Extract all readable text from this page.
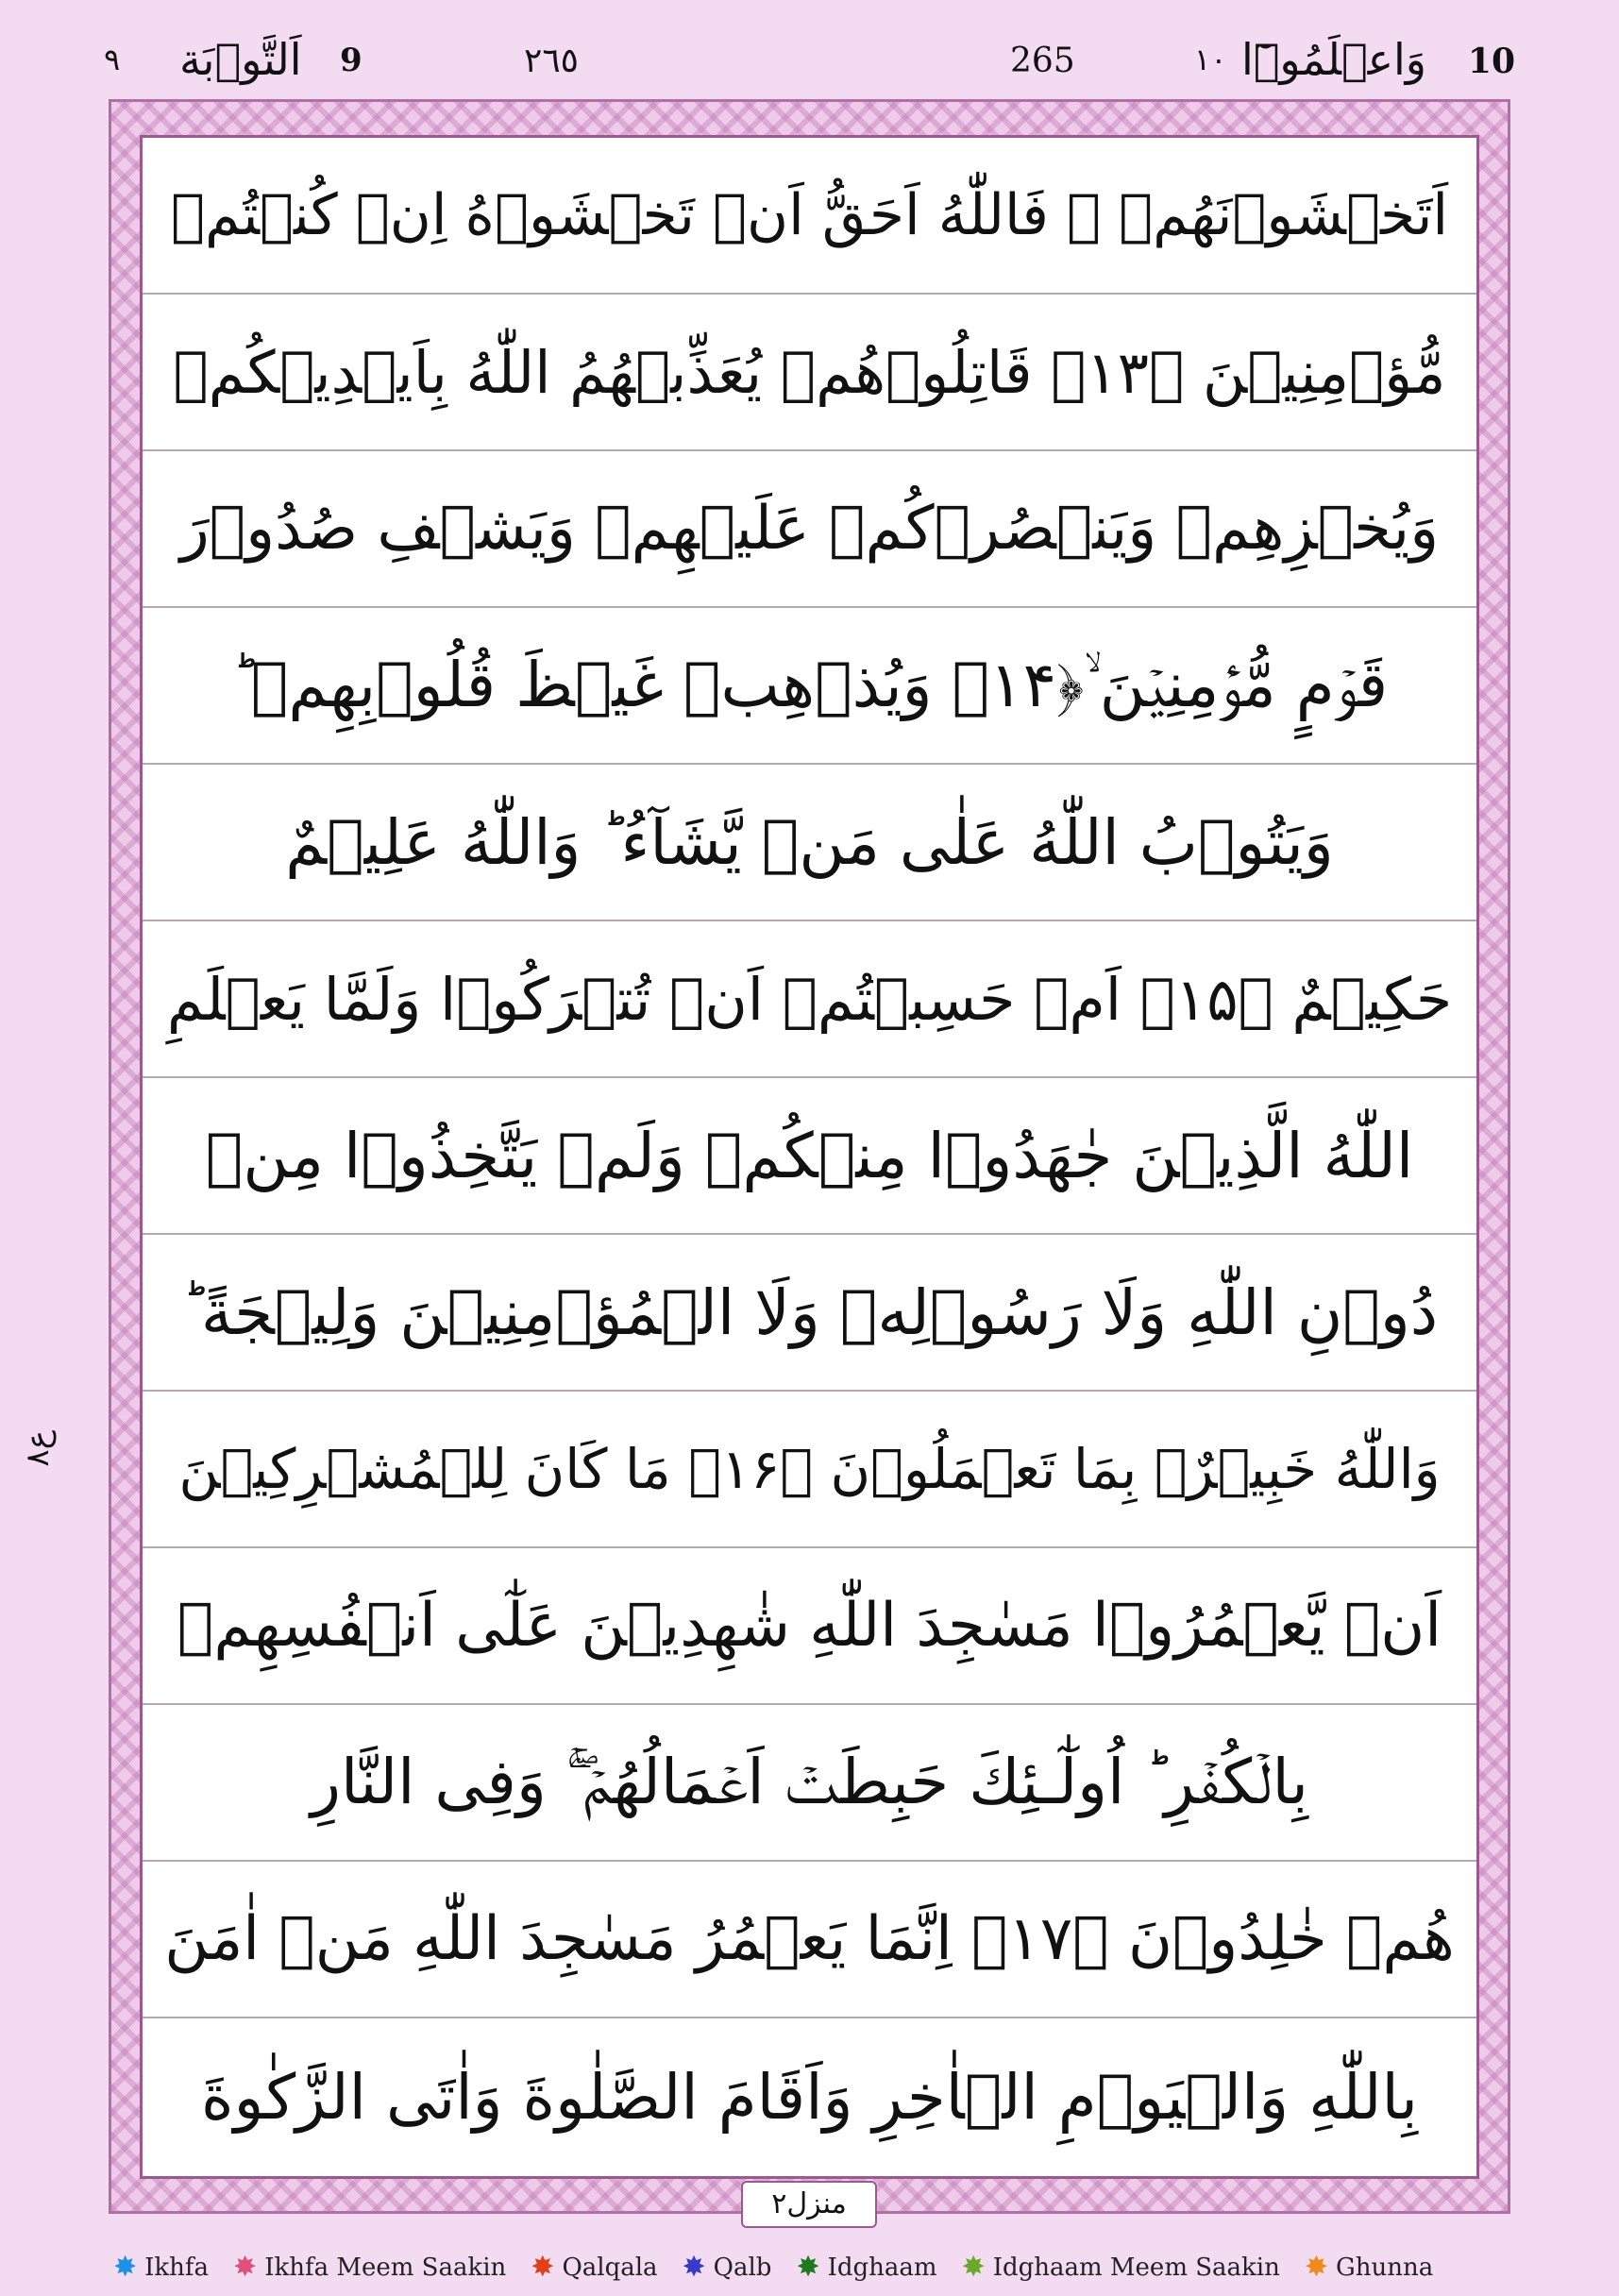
٩ اَلتَّوۡبَة 9	٢٦٥	265	١٠ وَاعۡلَمُوۡٓا 10
اَتَخۡشَوۡنَهُمۡ‌ ۚ فَاللّٰهُ اَحَقُّ اَنۡ تَخۡشَوۡهُ اِنۡ كُنۡتُمۡ
مُّؤۡمِنِيۡنَ ﴿۱۳﴾ قَاتِلُوۡهُمۡ يُعَذِّبۡهُمُ اللّٰهُ بِاَيۡدِيۡكُمۡ
وَيُخۡزِهِمۡ وَيَنۡصُرۡكُمۡ عَلَيۡهِمۡ وَيَشۡفِ صُدُوۡرَ
قَوۡمٍ مُّؤۡمِنِيۡنَ ۙ﴿۱۴﴾ وَيُذۡهِبۡ غَيۡظَ قُلُوۡبِهِمۡ‌ ؕ
وَيَتُوۡبُ اللّٰهُ عَلٰى مَنۡ يَّشَآءُ‌ ؕ وَاللّٰهُ عَلِيۡمٌ
حَكِيۡمٌ ﴿۱۵﴾ اَمۡ حَسِبۡتُمۡ اَنۡ تُتۡرَكُوۡا وَلَمَّا يَعۡلَمِ
اللّٰهُ الَّذِيۡنَ جٰهَدُوۡا مِنۡكُمۡ وَلَمۡ يَتَّخِذُوۡا مِنۡ
دُوۡنِ اللّٰهِ وَلَا رَسُوۡلِهٖ وَلَا الۡمُؤۡمِنِيۡنَ وَلِيۡجَةً‌ ؕ
وَاللّٰهُ خَبِيۡرٌۢ بِمَا تَعۡمَلُوۡنَ ﴿۱۶﴾ مَا كَانَ لِلۡمُشۡرِكِيۡنَ
اَنۡ يَّعۡمُرُوۡا مَسٰجِدَ اللّٰهِ شٰهِدِيۡنَ عَلٰٓى اَنۡفُسِهِمۡ
بِالۡكُفۡرِ‌ ؕ اُولٰٓـئِكَ حَبِطَتۡ اَعۡمَالُهُمۡ‌ ۖۚ وَفِى النَّارِ
هُمۡ خٰلِدُوۡنَ ﴿۱۷﴾ اِنَّمَا يَعۡمُرُ مَسٰجِدَ اللّٰهِ مَنۡ اٰمَنَ
بِاللّٰهِ وَالۡيَوۡمِ الۡاٰخِرِ وَاَقَامَ الصَّلٰوةَ وَاٰتَى الزَّكٰوةَ
ع٨
منزل٢
✸ Ikhfa ✸ Ikhfa Meem Saakin ✸ Qalqala ✸ Qalb ✸ Idghaam ✸ Idghaam Meem Saakin ✸ Ghunna
